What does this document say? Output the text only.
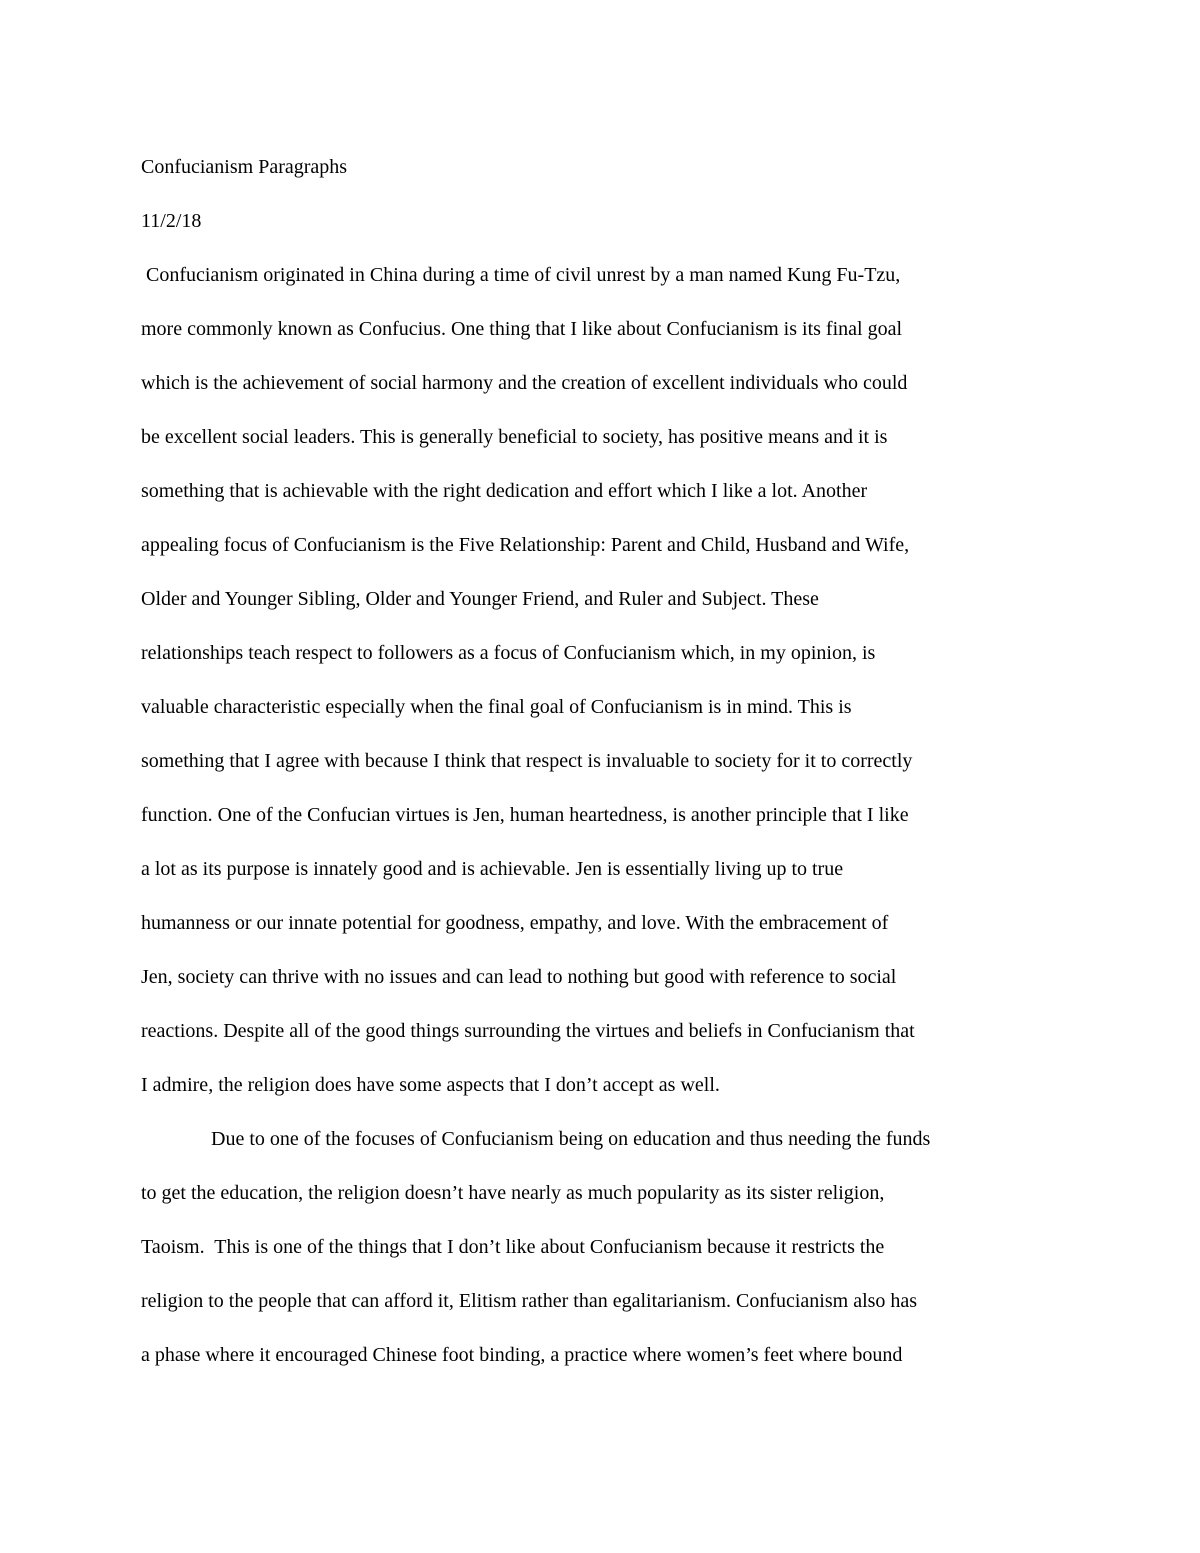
Confucianism Paragraphs

11/2/18

Confucianism originated in China during a time of civil unrest by a man named Kung Fu-Tzu,

more commonly known as Confucius. One thing that I like about Confucianism is its final goal

which is the achievement of social harmony and the creation of excellent individuals who could

be excellent social leaders. This is generally beneficial to society, has positive means and it is

something that is achievable with the right dedication and effort which I like a lot. Another

appealing focus of Confucianism is the Five Relationship: Parent and Child, Husband and Wife,

Older and Younger Sibling, Older and Younger Friend, and Ruler and Subject. These

relationships teach respect to followers as a focus of Confucianism which, in my opinion, is

valuable characteristic especially when the final goal of Confucianism is in mind. This is

something that I agree with because I think that respect is invaluable to society for it to correctly

function. One of the Confucian virtues is Jen, human heartedness, is another principle that I like

a lot as its purpose is innately good and is achievable. Jen is essentially living up to true

humanness or our innate potential for goodness, empathy, and love. With the embracement of

Jen, society can thrive with no issues and can lead to nothing but good with reference to social

reactions. Despite all of the good things surrounding the virtues and beliefs in Confucianism that

I admire, the religion does have some aspects that I don’t accept as well.

Due to one of the focuses of Confucianism being on education and thus needing the funds

to get the education, the religion doesn’t have nearly as much popularity as its sister religion,

Taoism.  This is one of the things that I don’t like about Confucianism because it restricts the

religion to the people that can afford it, Elitism rather than egalitarianism. Confucianism also has

a phase where it encouraged Chinese foot binding, a practice where women’s feet where bound
